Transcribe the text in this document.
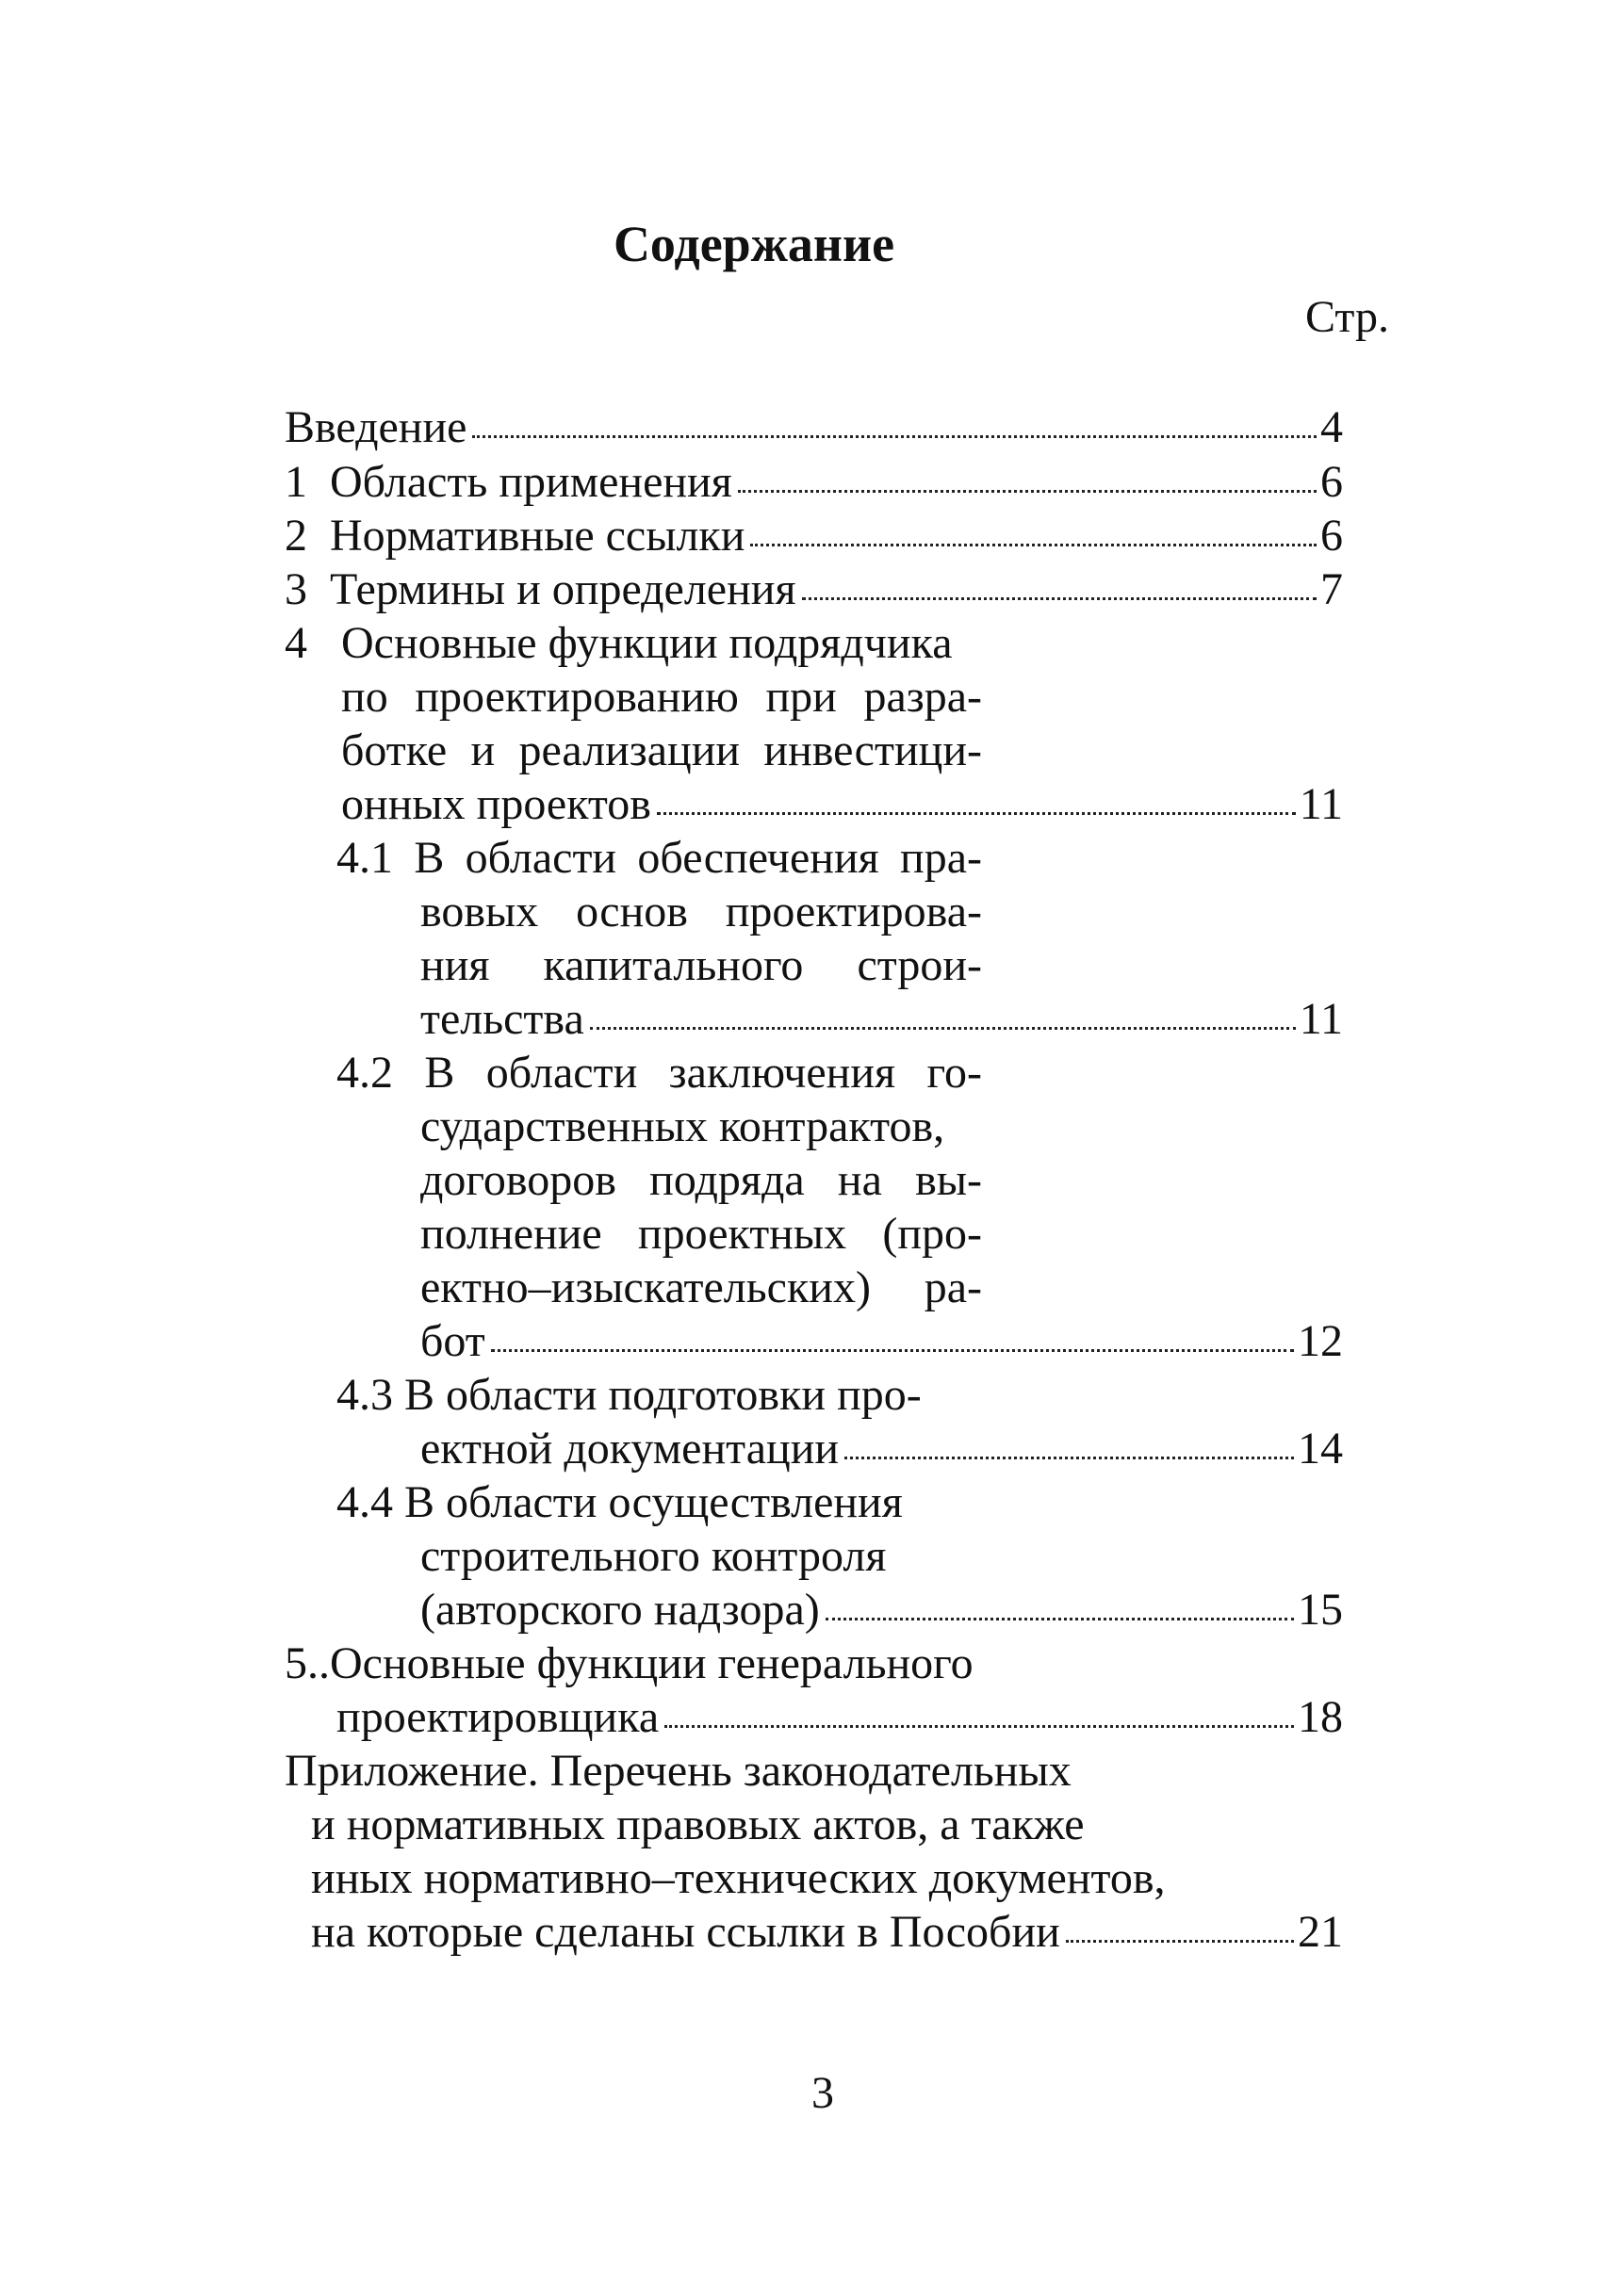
Содержание
Стр.
Введение	4
1  Область применения	6
2  Нормативные ссылки	6
3  Термины и определения	7
4   Основные функции подрядчика
по проектированию при разра-
ботке и реализации инвестици-
онных проектов	11
4.1 В области обеспечения пра-
вовых основ проектирова-
ния капитального строи-
тельства	11
4.2 В области заключения го-
сударственных контрактов,
договоров подряда на вы-
полнение проектных (про-
ектно–изыскательских) ра-
бот	12
4.3 В области подготовки про-
ектной документации	14
4.4 В области осуществления
строительного контроля
(авторского надзора)	15
5..Основные функции генерального
проектировщика	18
Приложение. Перечень законодательных
и нормативных правовых актов, а также
иных нормативно–технических документов,
на которые сделаны ссылки в Пособии	21
3
